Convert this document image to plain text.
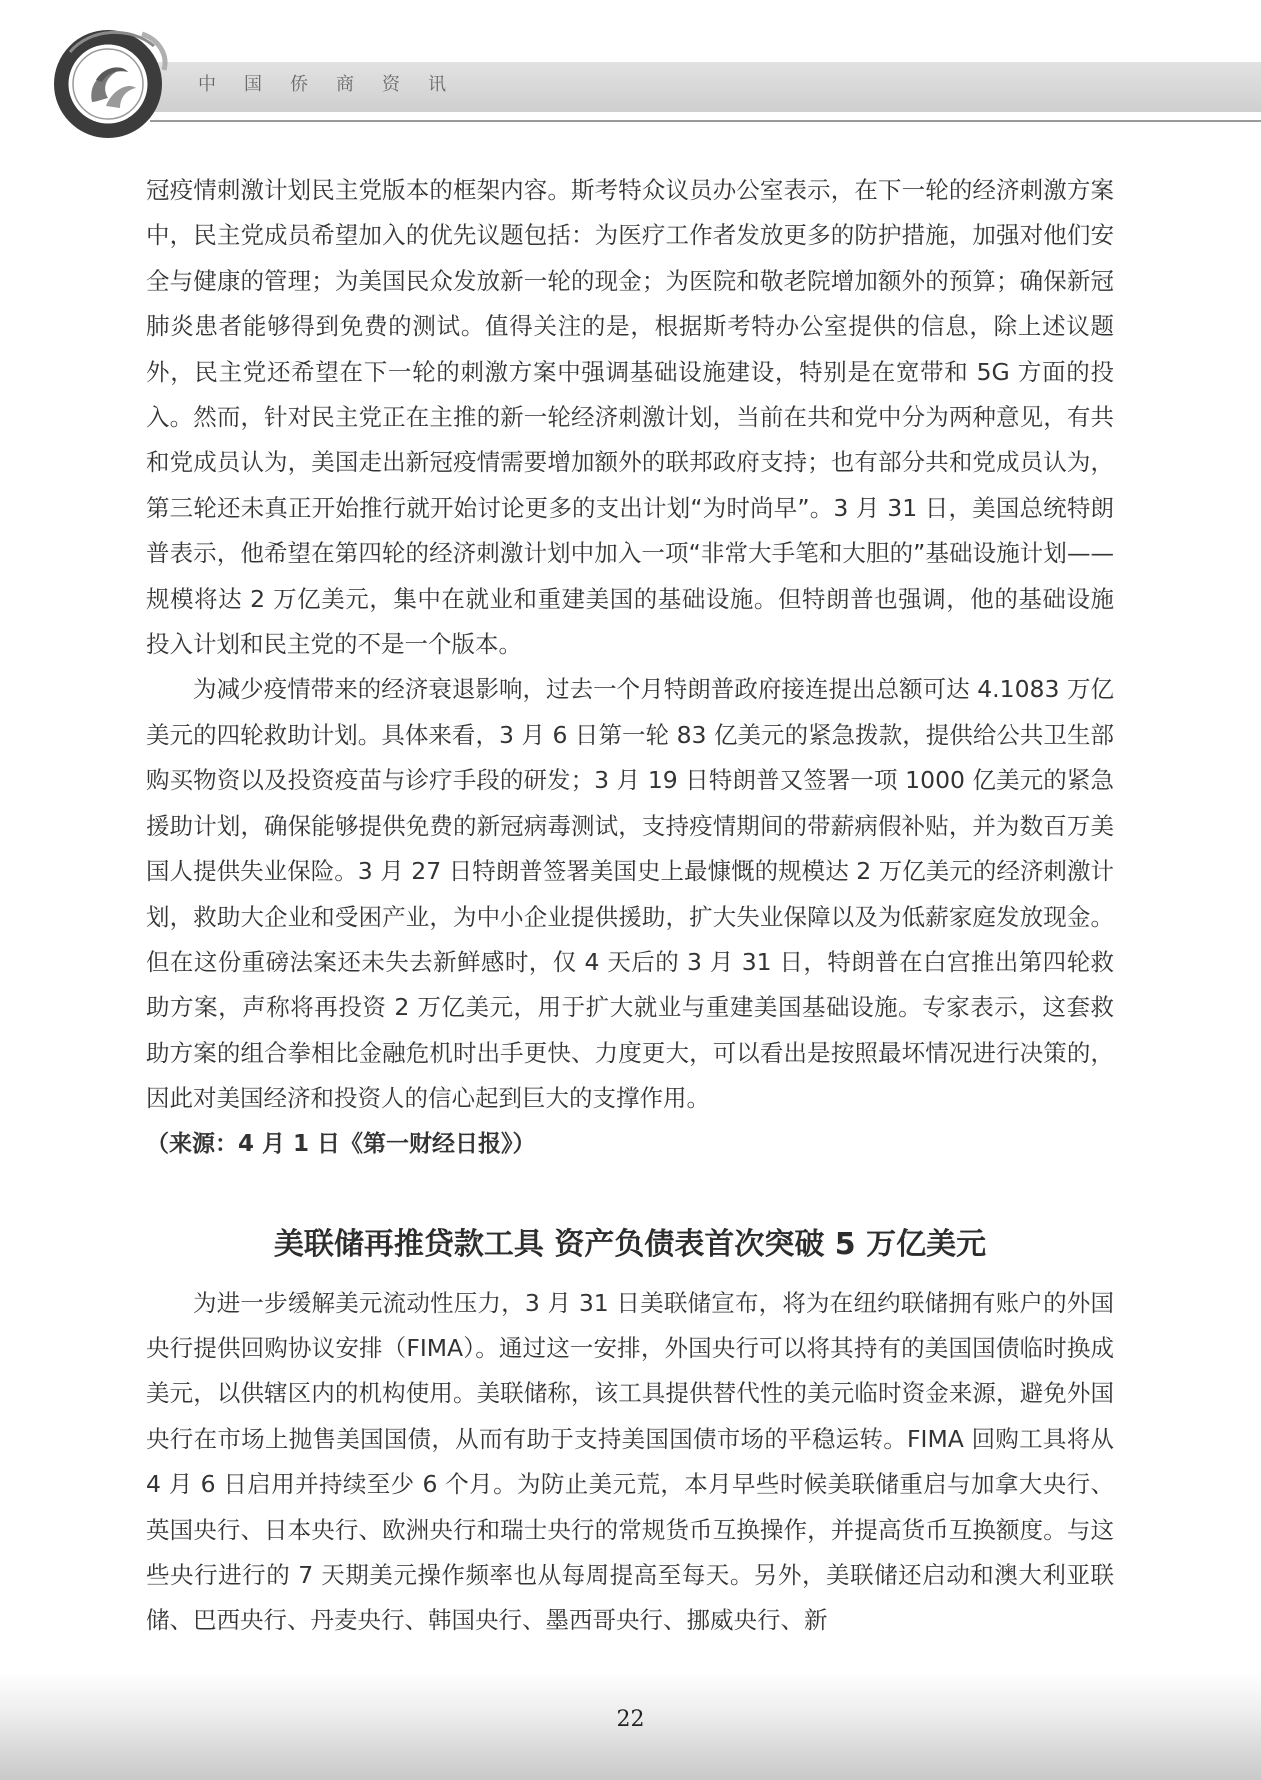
中国侨商资讯

冠疫情刺激计划民主党版本的框架内容。斯考特众议员办公室表示，在下一轮的经济刺激方案中，民主党成员希望加入的优先议题包括：为医疗工作者发放更多的防护措施，加强对他们安全与健康的管理；为美国民众发放新一轮的现金；为医院和敬老院增加额外的预算；确保新冠肺炎患者能够得到免费的测试。值得关注的是，根据斯考特办公室提供的信息，除上述议题外，民主党还希望在下一轮的刺激方案中强调基础设施建设，特别是在宽带和 5G 方面的投入。然而，针对民主党正在主推的新一轮经济刺激计划，当前在共和党中分为两种意见，有共和党成员认为，美国走出新冠疫情需要增加额外的联邦政府支持；也有部分共和党成员认为，第三轮还未真正开始推行就开始讨论更多的支出计划“为时尚早”。3 月 31 日，美国总统特朗普表示，他希望在第四轮的经济刺激计划中加入一项“非常大手笔和大胆的”基础设施计划——规模将达 2 万亿美元，集中在就业和重建美国的基础设施。但特朗普也强调，他的基础设施投入计划和民主党的不是一个版本。

为减少疫情带来的经济衰退影响，过去一个月特朗普政府接连提出总额可达 4.1083 万亿美元的四轮救助计划。具体来看，3 月 6 日第一轮 83 亿美元的紧急拨款，提供给公共卫生部购买物资以及投资疫苗与诊疗手段的研发；3 月 19 日特朗普又签署一项 1000 亿美元的紧急援助计划，确保能够提供免费的新冠病毒测试，支持疫情期间的带薪病假补贴，并为数百万美国人提供失业保险。3 月 27 日特朗普签署美国史上最慷慨的规模达 2 万亿美元的经济刺激计划，救助大企业和受困产业，为中小企业提供援助，扩大失业保障以及为低薪家庭发放现金。但在这份重磅法案还未失去新鲜感时，仅 4 天后的 3 月 31 日，特朗普在白宫推出第四轮救助方案，声称将再投资 2 万亿美元，用于扩大就业与重建美国基础设施。专家表示，这套救助方案的组合拳相比金融危机时出手更快、力度更大，可以看出是按照最坏情况进行决策的，因此对美国经济和投资人的信心起到巨大的支撑作用。

（来源：4 月 1 日《第一财经日报》）

美联储再推贷款工具 资产负债表首次突破 5 万亿美元

为进一步缓解美元流动性压力，3 月 31 日美联储宣布，将为在纽约联储拥有账户的外国央行提供回购协议安排（FIMA）。通过这一安排，外国央行可以将其持有的美国国债临时换成美元，以供辖区内的机构使用。美联储称，该工具提供替代性的美元临时资金来源，避免外国央行在市场上抛售美国国债，从而有助于支持美国国债市场的平稳运转。FIMA 回购工具将从 4 月 6 日启用并持续至少 6 个月。为防止美元荒，本月早些时候美联储重启与加拿大央行、英国央行、日本央行、欧洲央行和瑞士央行的常规货币互换操作，并提高货币互换额度。与这些央行进行的 7 天期美元操作频率也从每周提高至每天。另外，美联储还启动和澳大利亚联储、巴西央行、丹麦央行、韩国央行、墨西哥央行、挪威央行、新

22
